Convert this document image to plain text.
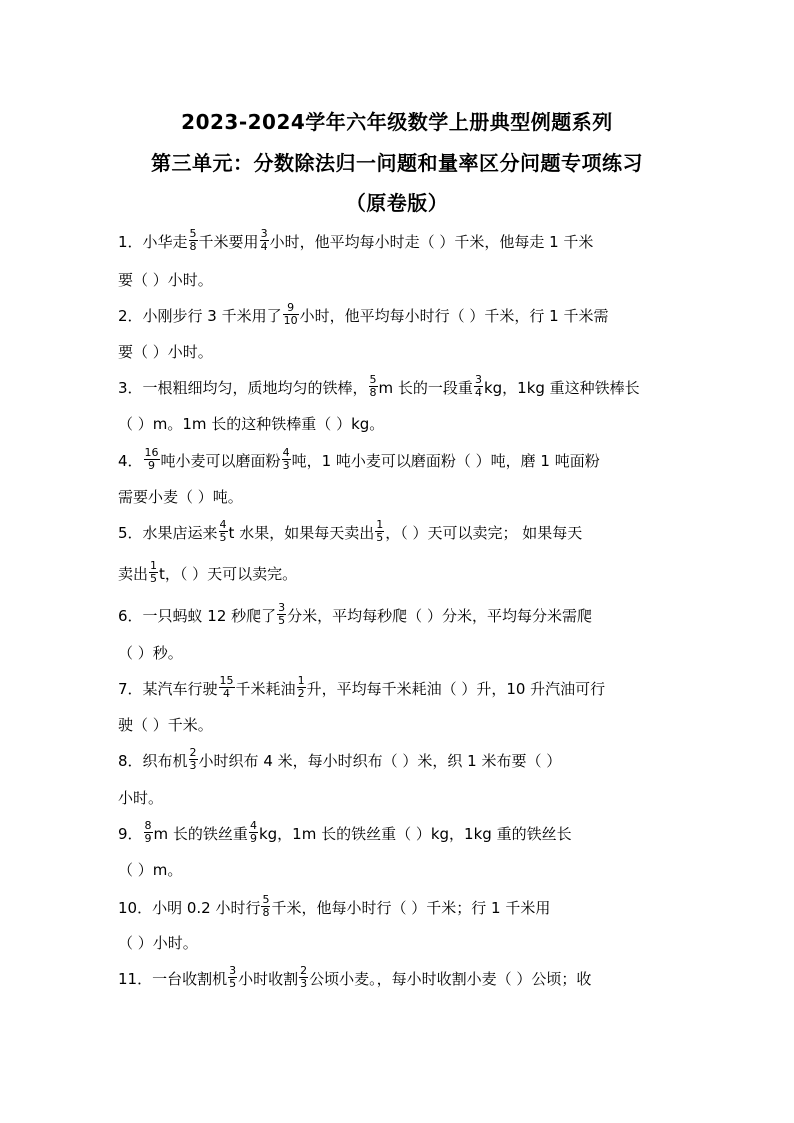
2023-2024学年六年级数学上册典型例题系列
第三单元：分数除法归一问题和量率区分问题专项练习
（原卷版）
1．小华走 $\frac{5}{8}$ 千米要用 $\frac{3}{4}$ 小时，他平均每小时走（ ）千米，他每走 1 千米
要（ ）小时。
2．小刚步行 3 千米用了 $\frac{9}{10}$ 小时，他平均每小时行（ ）千米，行 1 千米需
要（ ）小时。
3．一根粗细均匀，质地均匀的铁棒， $\frac{5}{8}$ m 长的一段重 $\frac{3}{4}$ kg，1kg 重这种铁棒长
（ ）m。1m 长的这种铁棒重（ ）kg。
4． $\frac{16}{9}$ 吨小麦可以磨面粉 $\frac{4}{3}$ 吨，1 吨小麦可以磨面粉（ ）吨，磨 1 吨面粉
需要小麦（ ）吨。
5．水果店运来 $\frac{4}{5}$ t 水果，如果每天卖出 $\frac{1}{5}$ ，（ ）天可以卖完； 如果每天
卖出 $\frac{1}{5}$ t，（ ）天可以卖完。
6．一只蚂蚁 12 秒爬了 $\frac{3}{5}$ 分米，平均每秒爬（ ）分米，平均每分米需爬
（ ）秒。
7．某汽车行驶 $\frac{15}{4}$ 千米耗油 $\frac{1}{2}$ 升，平均每千米耗油（ ）升，10 升汽油可行
驶（ ）千米。
8．织布机 $\frac{2}{3}$ 小时织布 4 米，每小时织布（ ）米，织 1 米布要（ ）
小时。
9． $\frac{8}{9}$ m 长的铁丝重 $\frac{4}{9}$ kg，1m 长的铁丝重（ ）kg，1kg 重的铁丝长
（ ）m。
10．小明 0.2 小时行 $\frac{5}{8}$ 千米，他每小时行（ ）千米；行 1 千米用
（ ）小时。
11．一台收割机 $\frac{3}{5}$ 小时收割 $\frac{2}{3}$ 公顷小麦。，每小时收割小麦（ ）公顷；收
